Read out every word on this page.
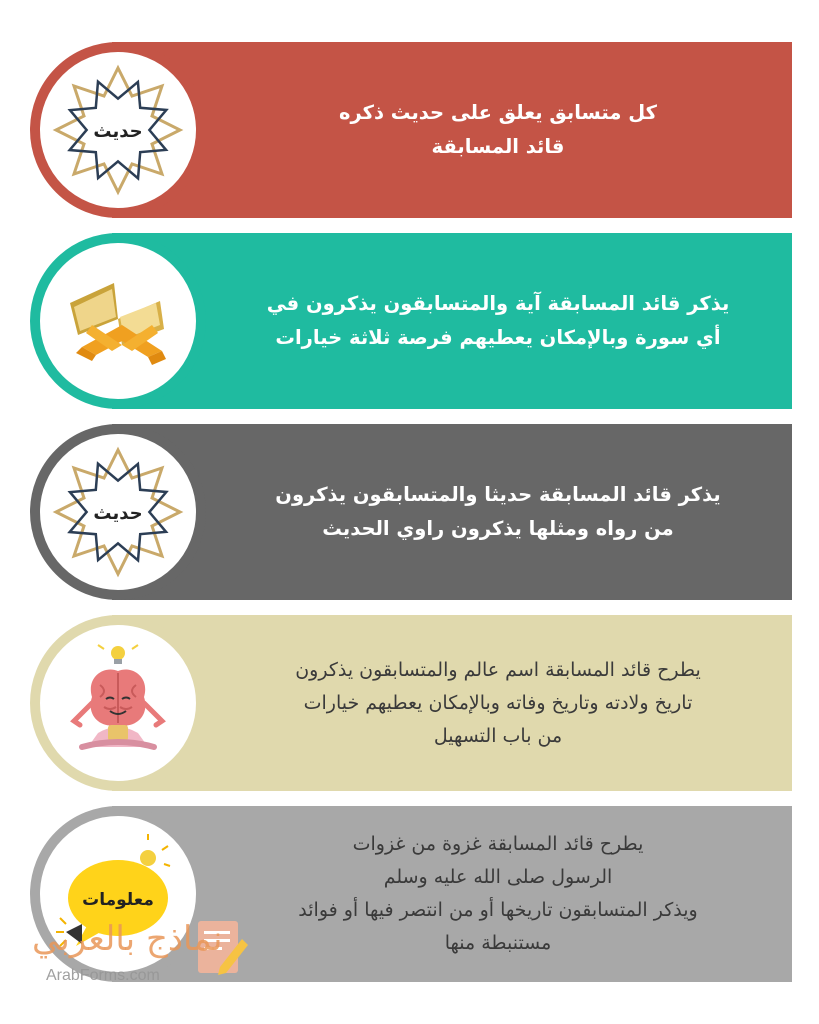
حديث
كل متسابق يعلق على حديث ذكره
قائد المسابقة
يذكر قائد المسابقة آية والمتسابقون يذكرون في
أي سورة وبالإمكان يعطيهم فرصة ثلاثة خيارات
حديث
يذكر قائد المسابقة حديثا والمتسابقون يذكرون
من رواه ومثلها يذكرون راوي الحديث
يطرح قائد المسابقة اسم عالم والمتسابقون يذكرون
تاريخ ولادته وتاريخ وفاته وبالإمكان يعطيهم خيارات
من باب التسهيل
معلومات
يطرح قائد المسابقة غزوة من غزوات
الرسول صلى الله عليه وسلم
ويذكر المتسابقون تاريخها أو من انتصر فيها أو فوائد
مستنبطة منها
نماذج بالعربي
ArabForms.com
